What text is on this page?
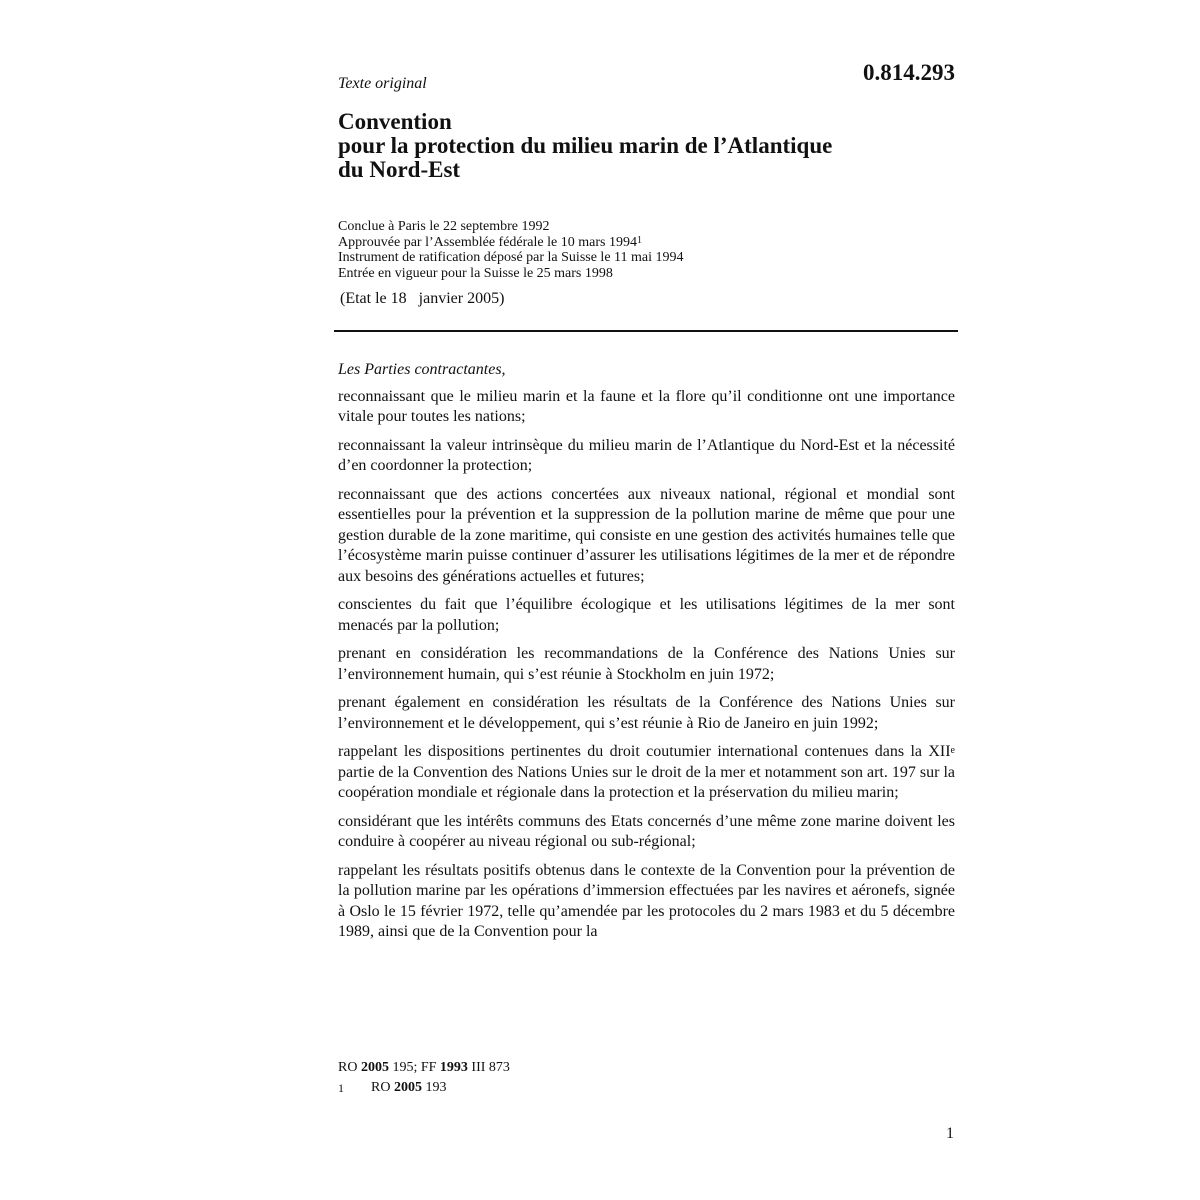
0.814.293
Texte original
Convention
pour la protection du milieu marin de l’Atlantique
du Nord-Est
Conclue à Paris le 22 septembre 1992
Approuvée par l’Assemblée fédérale le 10 mars 1994$^1$
Instrument de ratification déposé par la Suisse le 11 mai 1994
Entrée en vigueur pour la Suisse le 25 mars 1998
(Etat le 18   janvier 2005)

Les Parties contractantes,

reconnaissant que le milieu marin et la faune et la flore qu’il conditionne ont une importance vitale pour toutes les nations;

reconnaissant la valeur intrinsèque du milieu marin de l’Atlantique du Nord-Est et la nécessité d’en coordonner la protection;

reconnaissant que des actions concertées aux niveaux national, régional et mondial sont essentielles pour la prévention et la suppression de la pollution marine de même que pour une gestion durable de la zone maritime, qui consiste en une gestion des activités humaines telle que l’écosystème marin puisse continuer d’assurer les utilisations légitimes de la mer et de répondre aux besoins des générations actuelles et futures;

conscientes du fait que l’équilibre écologique et les utilisations légitimes de la mer sont menacés par la pollution;

prenant en considération les recommandations de la Conférence des Nations Unies sur l’environnement humain, qui s’est réunie à Stockholm en juin 1972;

prenant également en considération les résultats de la Conférence des Nations Unies sur l’environnement et le développement, qui s’est réunie à Rio de Janeiro en juin 1992;

rappelant les dispositions pertinentes du droit coutumier international contenues dans la XIIe partie de la Convention des Nations Unies sur le droit de la mer et notamment son art. 197 sur la coopération mondiale et régionale dans la protection et la préservation du milieu marin;

considérant que les intérêts communs des Etats concernés d’une même zone marine doivent les conduire à coopérer au niveau régional ou sub-régional;

rappelant les résultats positifs obtenus dans le contexte de la Convention pour la prévention de la pollution marine par les opérations d’immersion effectuées par les navires et aéronefs, signée à Oslo le 15 février 1972, telle qu’amendée par les protocoles du 2 mars 1983 et du 5 décembre 1989, ainsi que de la Convention pour la

RO 2005 195; FF 1993 III 873
1 RO 2005 193
1
